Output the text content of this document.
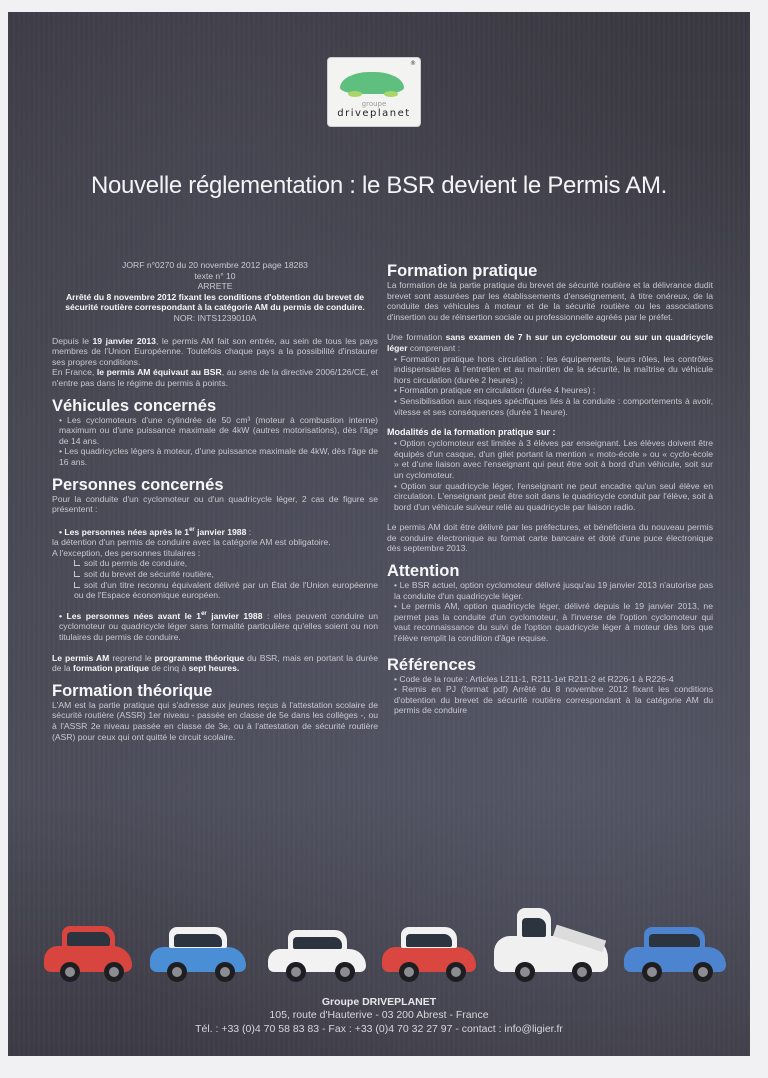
®
groupe
driveplanet
Nouvelle réglementation : le BSR devient le Permis AM.

JORF n°0270 du 20 novembre 2012 page 18283

texte n° 10

ARRETE

Arrêté du 8 novembre 2012 fixant les conditions d'obtention du brevet de sécurité routière correspondant à la catégorie AM du permis de conduire.

NOR: INTS1239010A

Depuis le 19 janvier 2013, le permis AM fait son entrée, au sein de tous les pays membres de l'Union Européenne. Toutefois chaque pays a la possibilité d'instaurer ses propres conditions.

En France, le permis AM équivaut au BSR, au sens de la directive 2006/126/CE, et n'entre pas dans le régime du permis à points.

Véhicules concernés

• Les cyclomoteurs d'une cylindrée de 50 cm³ (moteur à combustion interne) maximum ou d'une puissance maximale de 4kW (autres motorisations), dès l'âge de 14 ans.

• Les quadricycles légers à moteur, d'une puissance maximale de 4kW, dès l'âge de 16 ans.

Personnes concernés

Pour la conduite d'un cyclomoteur ou d'un quadricycle léger, 2 cas de figure se présentent :

• Les personnes nées après le 1er janvier 1988 :

la détention d'un permis de conduire avec la catégorie AM est obligatoire.

A l'exception, des personnes titulaires :

soit du permis de conduire,

soit du brevet de sécurité routière,

soit d'un titre reconnu équivalent délivré par un État de l'Union européenne ou de l'Espace économique européen.

• Les personnes nées avant le 1er janvier 1988 : elles peuvent conduire un cyclomoteur ou quadricycle léger sans formalité particulière qu'elles soient ou non titulaires du permis de conduire.

Le permis AM reprend le programme théorique du BSR, mais en portant la durée de la formation pratique de cinq à sept heures.

Formation théorique

L'AM est la partie pratique qui s'adresse aux jeunes reçus à l'attestation scolaire de sécurité routière (ASSR) 1er niveau - passée en classe de 5e dans les collèges -, ou à l'ASSR 2e niveau passée en classe de 3e, ou à l'attestation de sécurité routière (ASR) pour ceux qui ont quitté le circuit scolaire.

Formation pratique

La formation de la partie pratique du brevet de sécurité routière et la délivrance dudit brevet sont assurées par les établissements d'enseignement, à titre onéreux, de la conduite des véhicules à moteur et de la sécurité routière ou les associations d'insertion ou de réinsertion sociale ou professionnelle agréés par le préfet.

Une formation sans examen de 7 h sur un cyclomoteur ou sur un quadricycle léger comprenant :

• Formation pratique hors circulation : les équipements, leurs rôles, les contrôles indispensables à l'entretien et au maintien de la sécurité, la maîtrise du véhicule hors circulation (durée 2 heures) ;

• Formation pratique en circulation (durée 4 heures) ;

• Sensibilisation aux risques spécifiques liés à la conduite : comportements à avoir, vitesse et ses conséquences (durée 1 heure).

Modalités de la formation pratique sur :

• Option cyclomoteur est limitée à 3 élèves par enseignant. Les élèves doivent être équipés d'un casque, d'un gilet portant la mention « moto-école » ou « cyclo-école » et d'une liaison avec l'enseignant qui peut être soit à bord d'un véhicule, soit sur un cyclomoteur.

• Option sur quadricycle léger, l'enseignant ne peut encadre qu'un seul élève en circulation. L'enseignant peut être soit dans le quadricycle conduit par l'élève, soit à bord d'un véhicule suiveur relié au quadricycle par liaison radio.

Le permis AM doit être délivré par les préfectures, et bénéficiera du nouveau permis de conduire électronique au format carte bancaire et doté d'une puce électronique dès septembre 2013.

Attention

• Le BSR actuel, option cyclomoteur délivré jusqu'au 19 janvier 2013 n'autorise pas la conduite d'un quadricycle léger.

• Le permis AM, option quadricycle léger, délivré depuis le 19 janvier 2013, ne permet pas la conduite d'un cyclomoteur, à l'inverse de l'option cyclomoteur qui vaut reconnaissance du suivi de l'option quadricycle léger à moteur dès lors que l'élève remplit la condition d'âge requise.

Références

• Code de la route : Articles L211-1, R211-1et R211-2 et R226-1 à R226-4

• Remis en PJ (format pdf) Arrêté du 8 novembre 2012 fixant les conditions d'obtention du brevet de sécurité routière correspondant à la catégorie AM du permis de conduire

Groupe DRIVEPLANET
105, route d'Hauterive - 03 200 Abrest - France
Tél. : +33 (0)4 70 58 83 83 - Fax : +33 (0)4 70 32 27 97 - contact : info@ligier.fr
